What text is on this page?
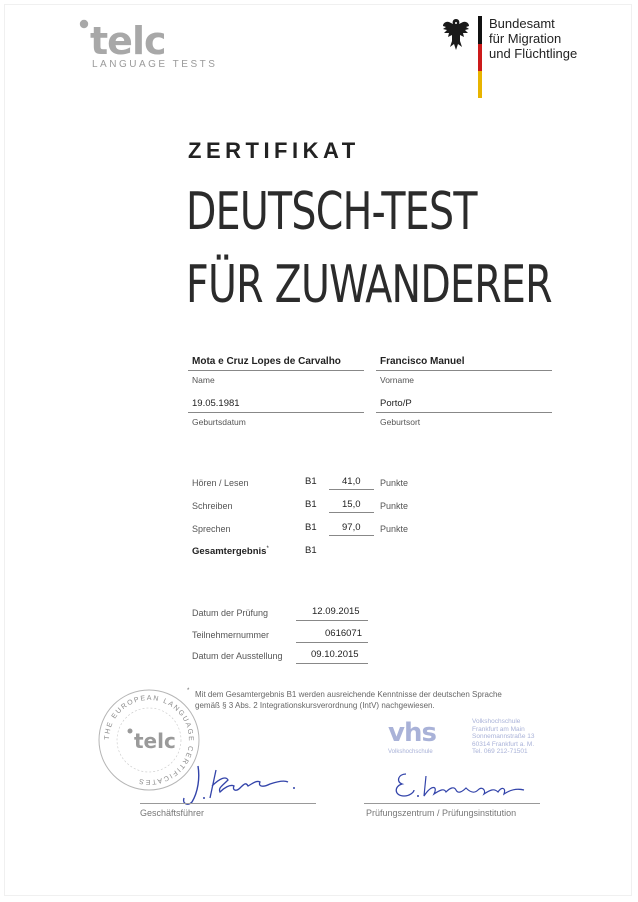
telc
LANGUAGE TESTS
Bundesamt
für Migration
und Flüchtlinge
ZERTIFIKAT
DEUTSCH-TEST
FÜR ZUWANDERER
Mota e Cruz Lopes de Carvalho
Name
Francisco Manuel
Vorname
19.05.1981
Geburtsdatum
Porto/P
Geburtsort
Hören / Lesen	B1	41,0 Punkte
Schreiben	B1	15,0 Punkte
Sprechen	B1	97,0 Punkte
Gesamtergebnis*	B1
Datum der Prüfung	12.09.2015
Teilnehmernummer	0616071
Datum der Ausstellung	09.10.2015
* Mit dem Gesamtergebnis B1 werden ausreichende Kenntnisse der deutschen Sprache
gemäß § 3 Abs. 2 Integrationskursverordnung (IntV) nachgewiesen.
THE EUROPEAN LANGUAGE CERTIFICATES
telc	vhs
Volkshochschule
Volkshochschule
Frankfurt am Main
Sonnemannstraße 13
60314 Frankfurt a. M.
Tel. 069 212-71501
Geschäftsführer	Prüfungszentrum / Prüfungsinstitution
